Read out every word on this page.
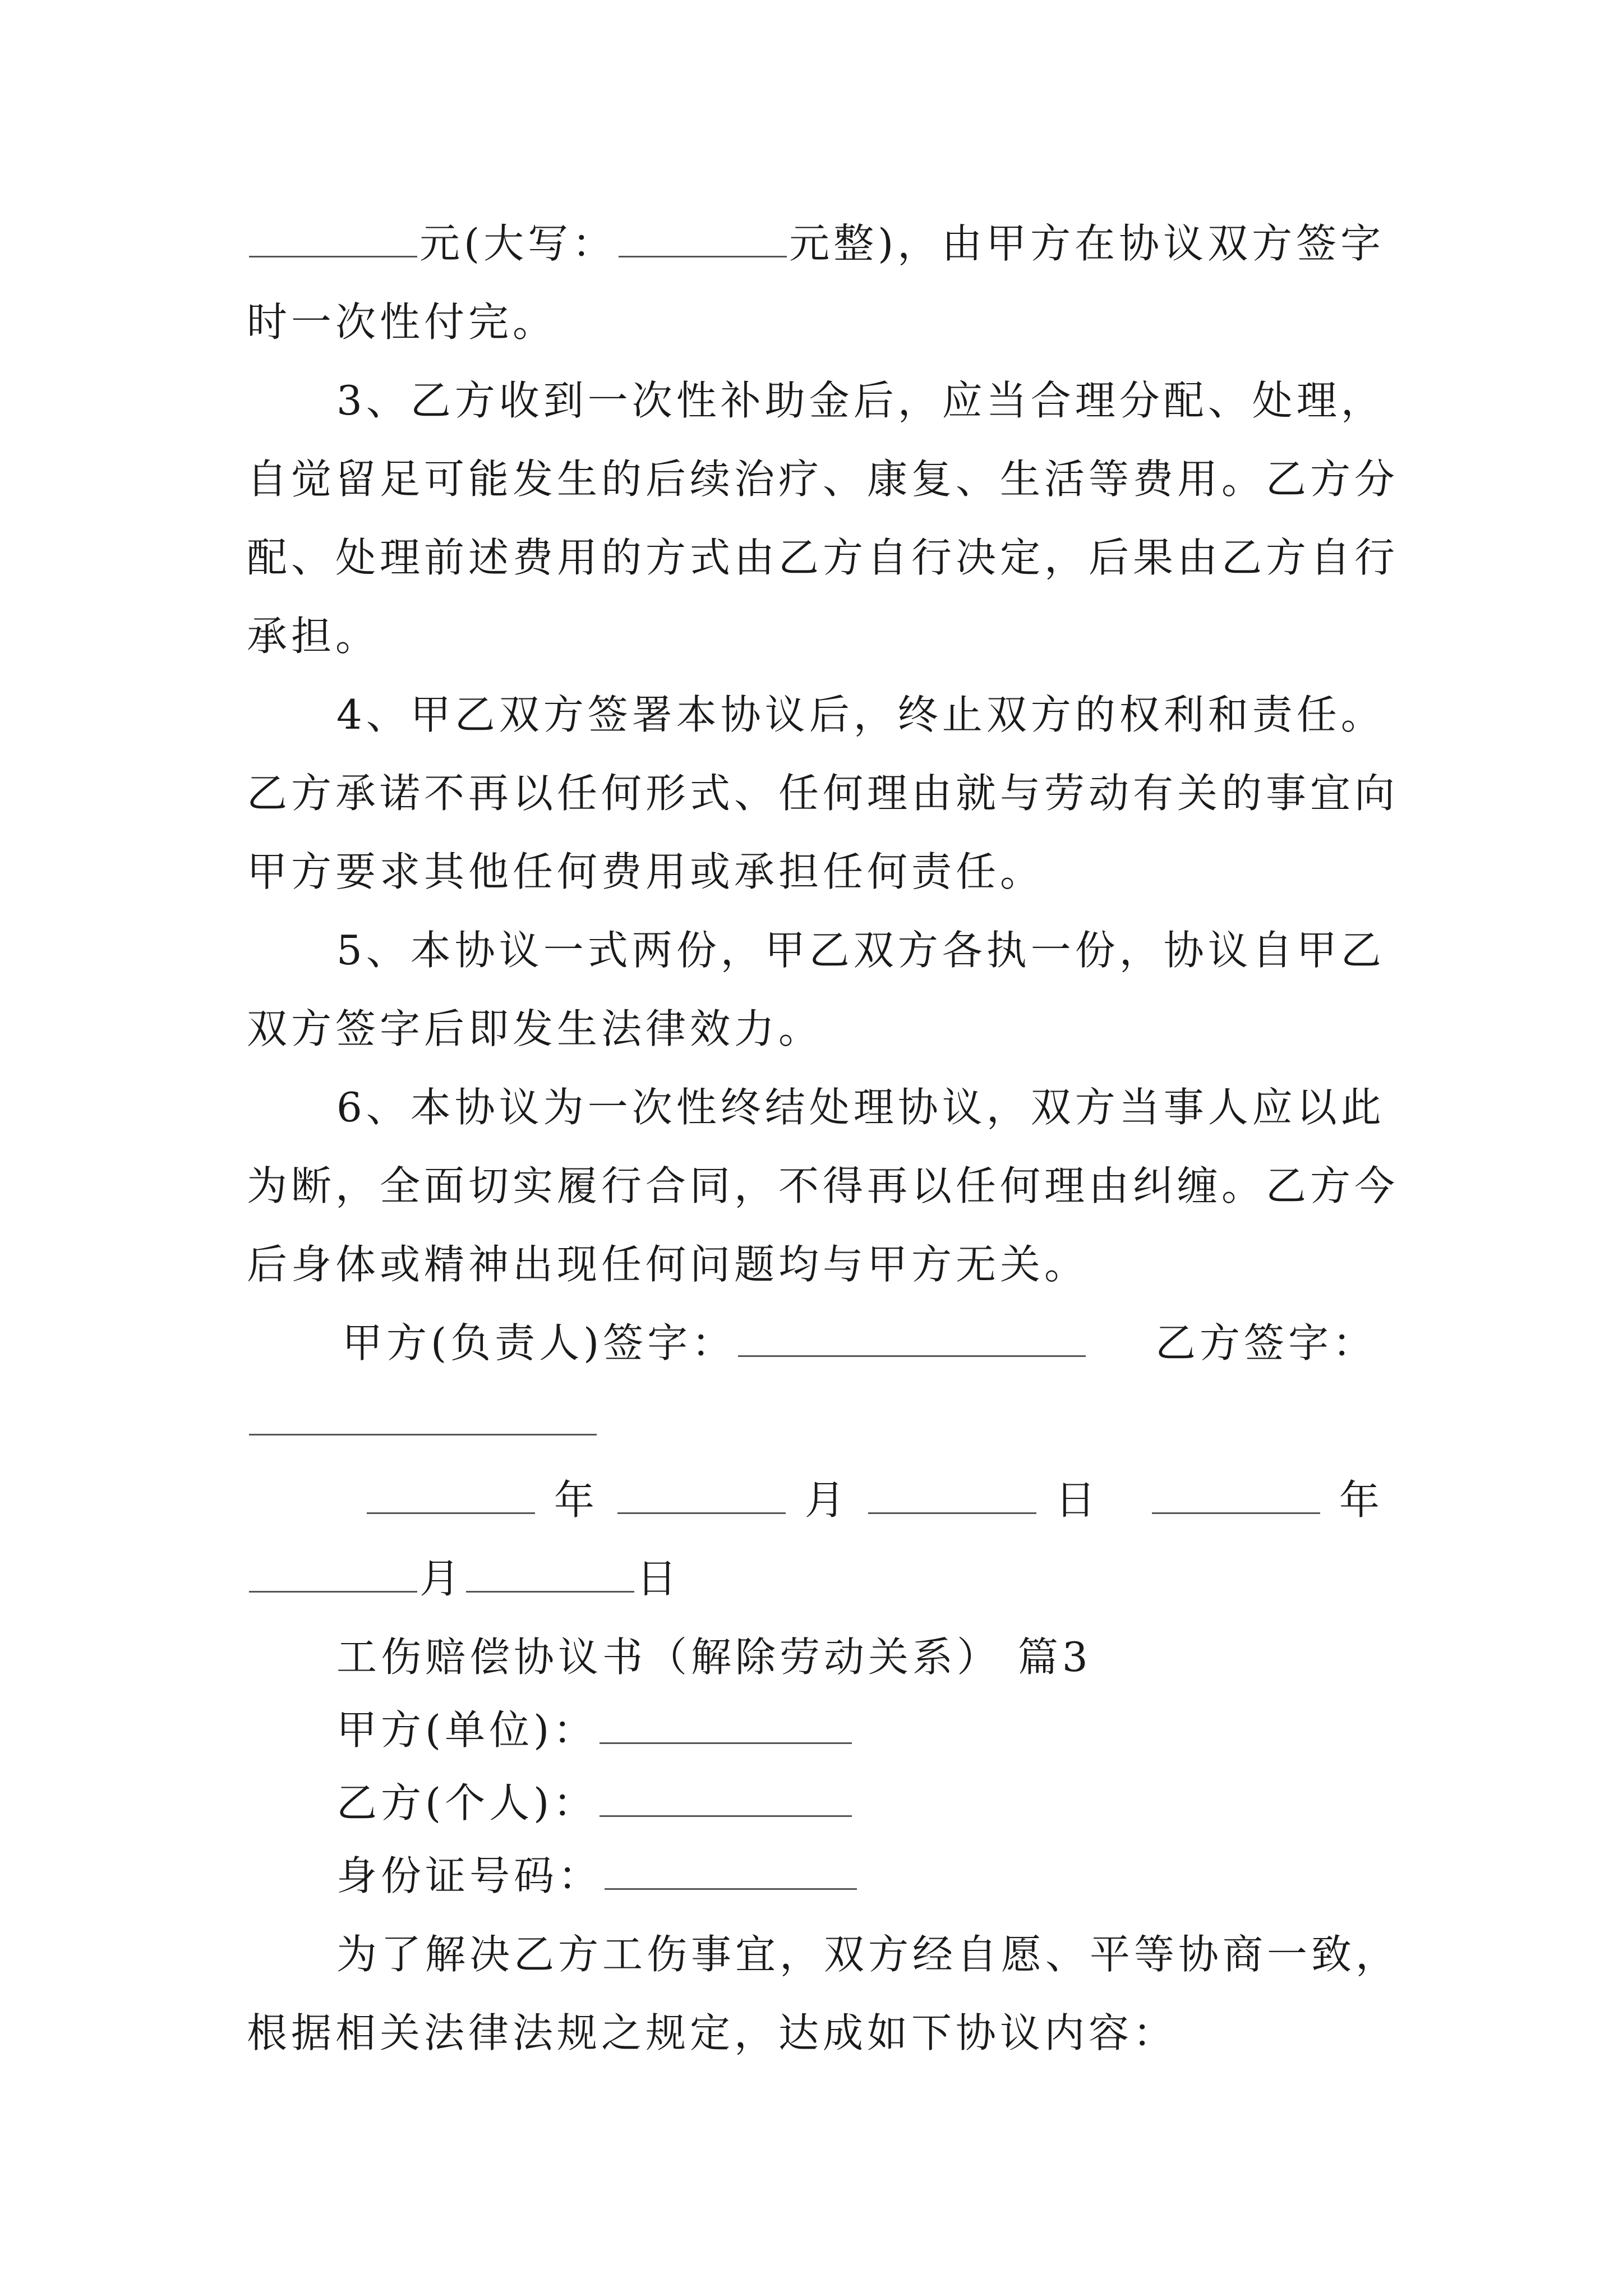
元(大写：	元整)，由甲方在协议双方签字
时一次性付完。
3、乙方收到一次性补助金后，应当合理分配、处理，
自觉留足可能发生的后续治疗、康复、生活等费用。乙方分
配、处理前述费用的方式由乙方自行决定，后果由乙方自行
承担。
4、甲乙双方签署本协议后，终止双方的权利和责任。
乙方承诺不再以任何形式、任何理由就与劳动有关的事宜向
甲方要求其他任何费用或承担任何责任。
5、本协议一式两份，甲乙双方各执一份，协议自甲乙
双方签字后即发生法律效力。
6、本协议为一次性终结处理协议，双方当事人应以此
为断，全面切实履行合同，不得再以任何理由纠缠。乙方今
后身体或精神出现任何问题均与甲方无关。
甲方(负责人)签字：	乙方签字：
年	月	日	年
月	日
工伤赔偿协议书（解除劳动关系） 篇3
甲方(单位)：
乙方(个人)：
身份证号码：
为了解决乙方工伤事宜，双方经自愿、平等协商一致，
根据相关法律法规之规定，达成如下协议内容：
